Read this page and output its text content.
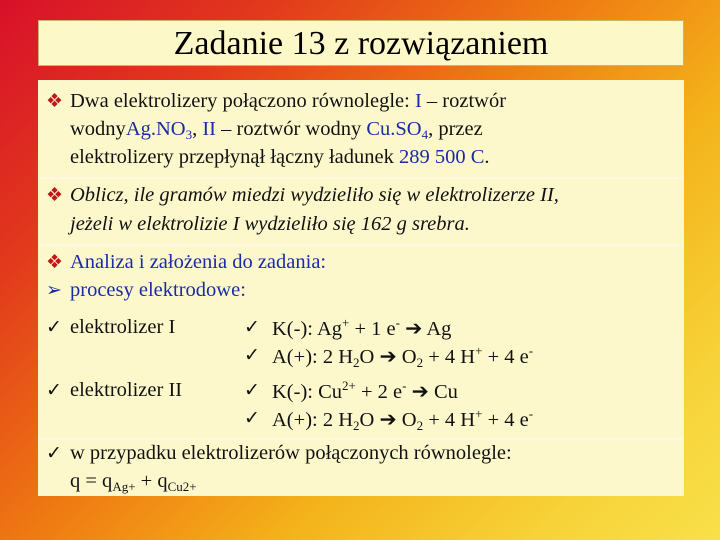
Zadanie 13 z rozwiązaniem
❖ Dwa elektrolizery połączono równolegle: I – roztwór
$wodnyAg.NO_3$, II – roztwór wodny $Cu.SO_4$, przez
elektrolizery przepłynął łączny ładunek 289 500 C.
❖ Oblicz, ile gramów miedzi wydzieliło się w elektrolizerze II,
jeżeli w elektrolizie I wydzieliło się 162 g srebra.
❖ Analiza i założenia do zadania:
➢ procesy elektrodowe:
✓ elektrolizer I	✓ K(-): Ag+ + 1 e- ➔ Ag
✓ A(+): 2 $H_2O$ ➔ $O_2 + 4$ H+ + 4 e-
✓ elektrolizer II	✓ K(-): $Cu^{2+} + 2$ e- ➔ Cu
✓ A(+): 2 $H_2O$ ➔ $O_2 + 4$ H+ + 4 e-
✓ w przypadku elektrolizerów połączonych równolegle:
$q = q_{Ag+} + q_{Cu2+}$
